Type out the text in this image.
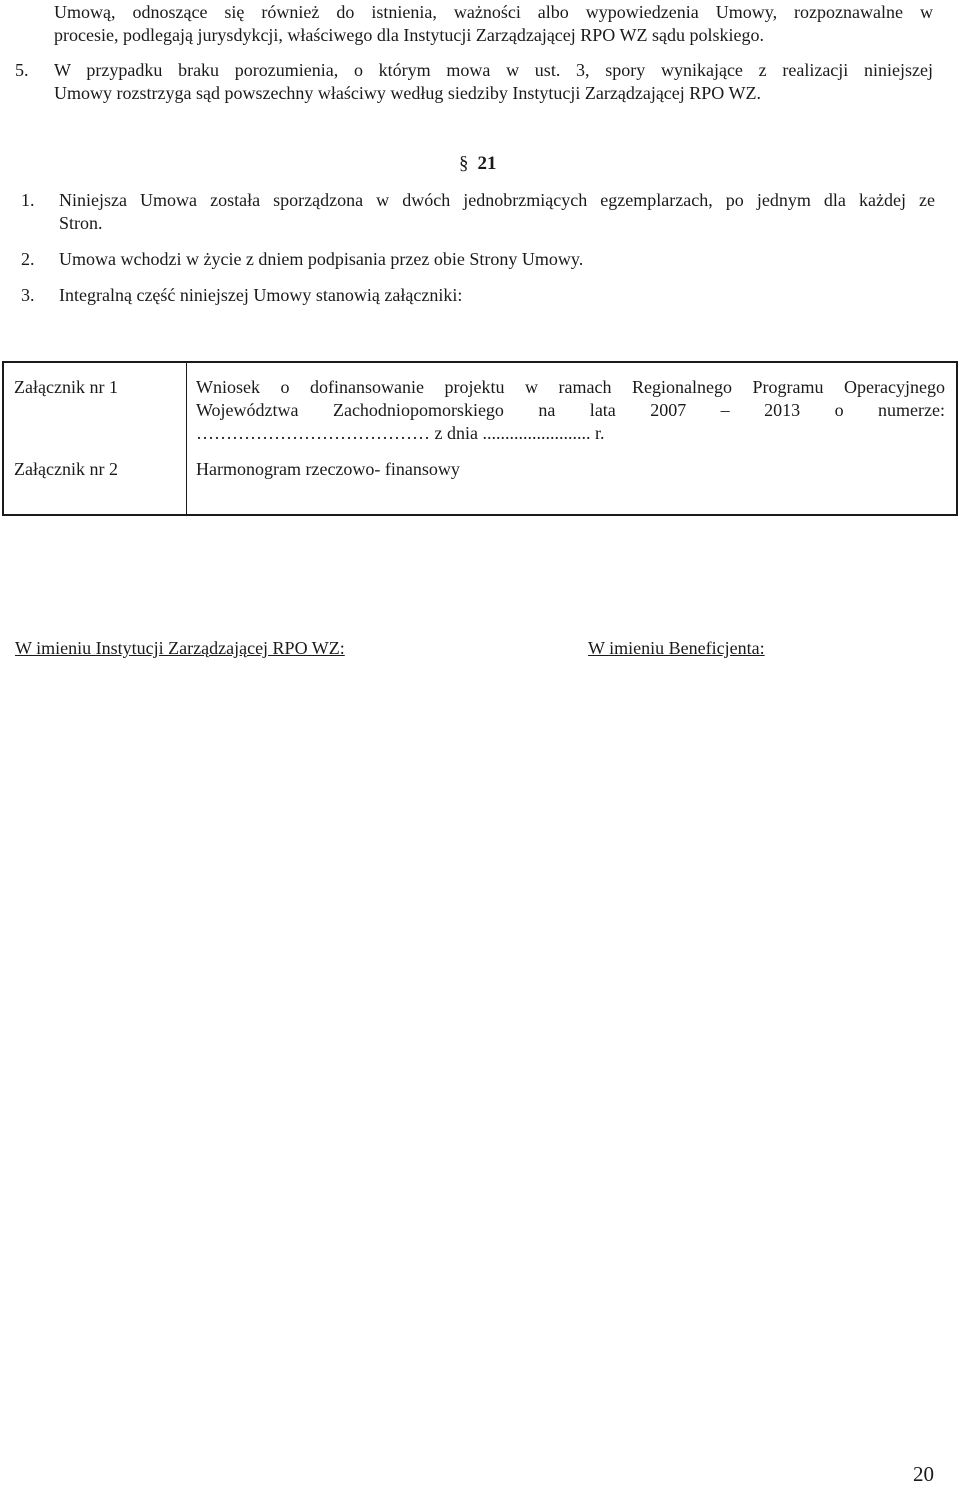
Umową, odnoszące się również do istnienia, ważności albo wypowiedzenia Umowy, rozpoznawalne w
procesie, podlegają jurysdykcji, właściwego dla Instytucji Zarządzającej RPO WZ sądu polskiego.
5. W przypadku braku porozumienia, o którym mowa w ust. 3, spory wynikające z realizacji niniejszej
Umowy rozstrzyga sąd powszechny właściwy według siedziby Instytucji Zarządzającej RPO WZ.
§ 21
1. Niniejsza Umowa została sporządzona w dwóch jednobrzmiących egzemplarzach, po jednym dla każdej ze
Stron.
2. Umowa wchodzi w życie z dniem podpisania przez obie Strony Umowy.
3. Integralną część niniejszej Umowy stanowią załączniki:

Załącznik nr 1	Wniosek o dofinansowanie projektu w ramach Regionalnego Programu Operacyjnego
Województwa Zachodniopomorskiego na lata 2007 – 2013 o numerze:
………………………………… z dnia ........................ r.
Załącznik nr 2	Harmonogram rzeczowo- finansowy
W imieniu Instytucji Zarządzającej RPO WZ:	W imieniu Beneficjenta:
20
